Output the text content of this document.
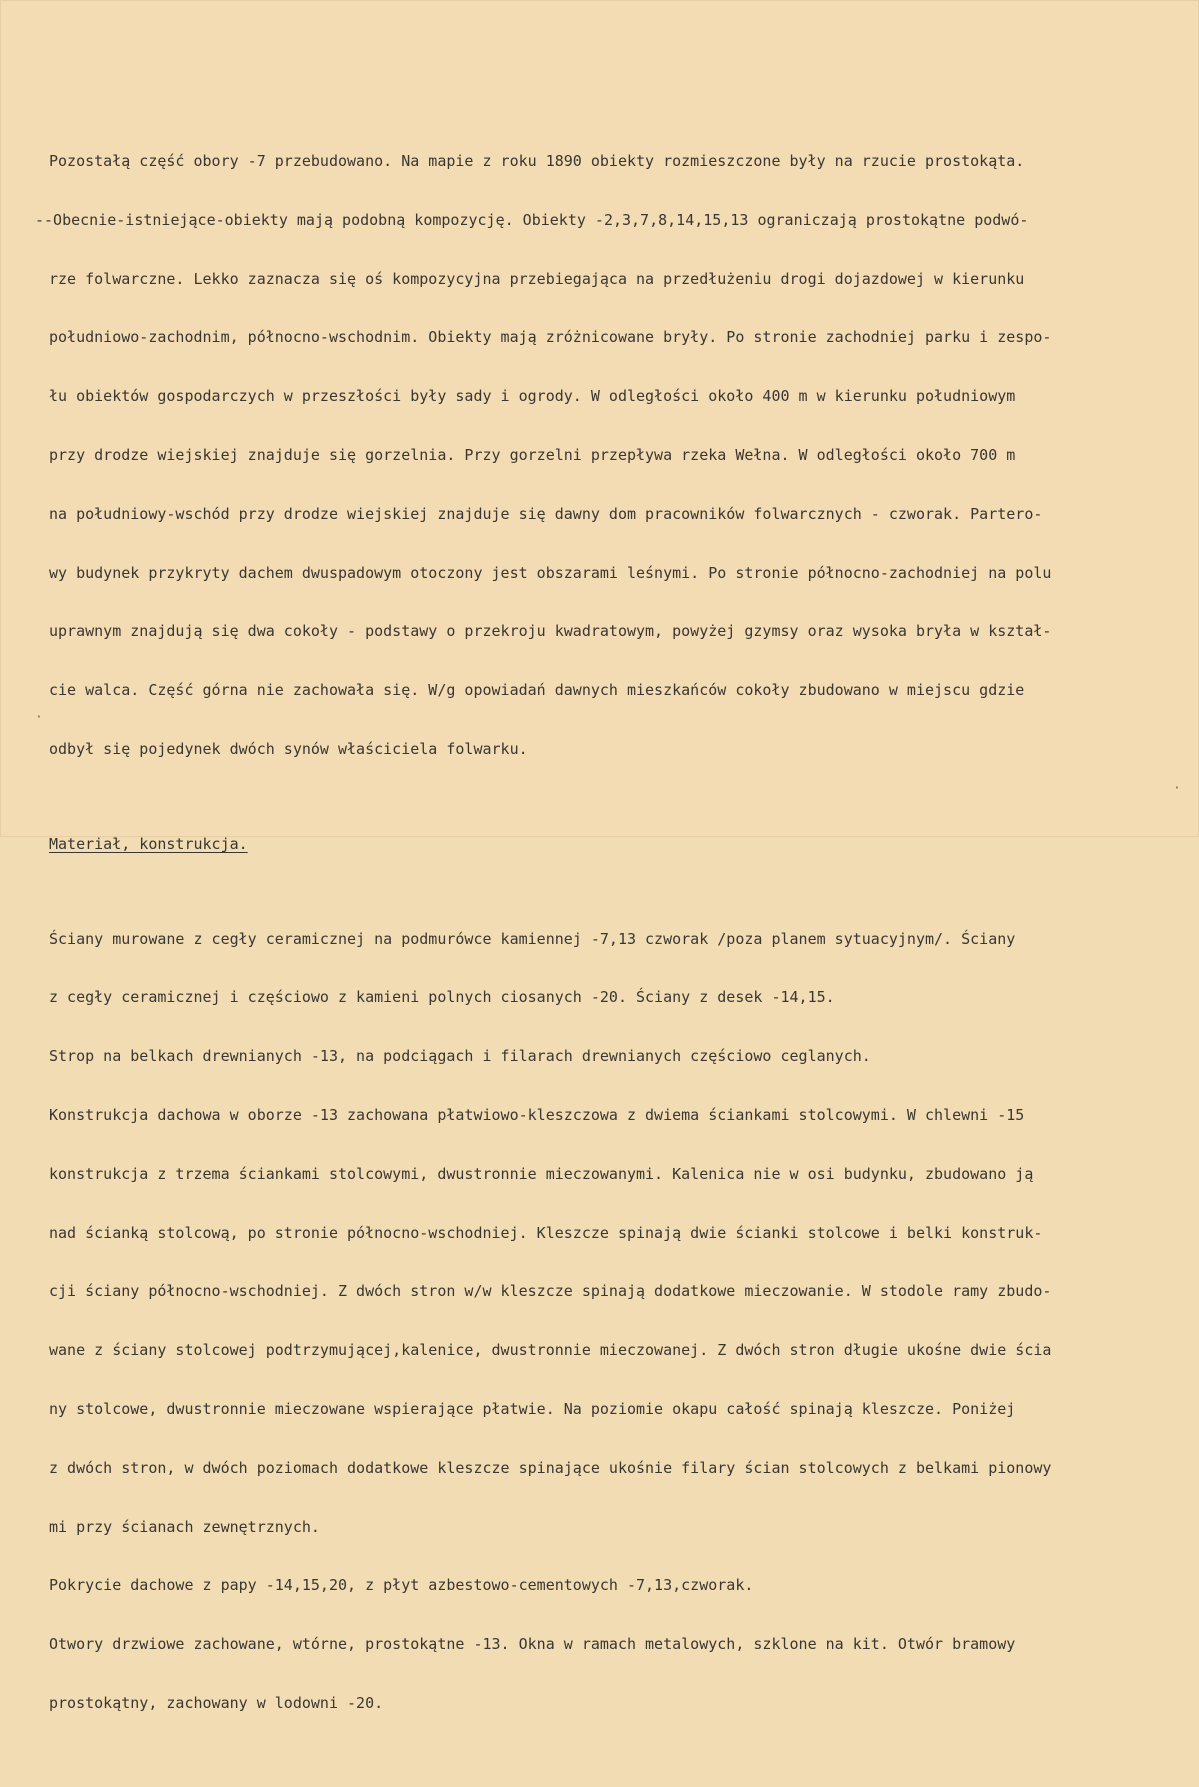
Pozostałą część obory -7 przebudowano. Na mapie z roku 1890 obiekty rozmieszczone były na rzucie prostokąta.

--Obecnie-istniejące-obiekty mają podobną kompozycję. Obiekty -2,3,7,8,14,15,13 ograniczają prostokątne podwó-

rze folwarczne. Lekko zaznacza się oś kompozycyjna przebiegająca na przedłużeniu drogi dojazdowej w kierunku

południowo-zachodnim, północno-wschodnim. Obiekty mają zróżnicowane bryły. Po stronie zachodniej parku i zespo-

łu obiektów gospodarczych w przeszłości były sady i ogrody. W odległości około 400 m w kierunku południowym

przy drodze wiejskiej znajduje się gorzelnia. Przy gorzelni przepływa rzeka Wełna. W odległości około 700 m

na południowy-wschód przy drodze wiejskiej znajduje się dawny dom pracowników folwarcznych - czworak. Partero-

wy budynek przykryty dachem dwuspadowym otoczony jest obszarami leśnymi. Po stronie północno-zachodniej na polu

uprawnym znajdują się dwa cokoły - podstawy o przekroju kwadratowym, powyżej gzymsy oraz wysoka bryła w kształ-

cie walca. Część górna nie zachowała się. W/g opowiadań dawnych mieszkańców cokoły zbudowano w miejscu gdzie

odbył się pojedynek dwóch synów właściciela folwarku.

Materiał, konstrukcja.

Ściany murowane z cegły ceramicznej na podmurówce kamiennej -7,13 czworak /poza planem sytuacyjnym/. Ściany

z cegły ceramicznej i częściowo z kamieni polnych ciosanych -20. Ściany z desek -14,15.

Strop na belkach drewnianych -13, na podciągach i filarach drewnianych częściowo ceglanych.

Konstrukcja dachowa w oborze -13 zachowana płatwiowo-kleszczowa z dwiema ściankami stolcowymi. W chlewni -15

konstrukcja z trzema ściankami stolcowymi, dwustronnie mieczowanymi. Kalenica nie w osi budynku, zbudowano ją

nad ścianką stolcową, po stronie północno-wschodniej. Kleszcze spinają dwie ścianki stolcowe i belki konstruk-

cji ściany północno-wschodniej. Z dwóch stron w/w kleszcze spinają dodatkowe mieczowanie. W stodole ramy zbudo-

wane z ściany stolcowej podtrzymującej,kalenice, dwustronnie mieczowanej. Z dwóch stron długie ukośne dwie ścia

ny stolcowe, dwustronnie mieczowane wspierające płatwie. Na poziomie okapu całość spinają kleszcze. Poniżej

z dwóch stron, w dwóch poziomach dodatkowe kleszcze spinające ukośnie filary ścian stolcowych z belkami pionowy

mi przy ścianach zewnętrznych.

Pokrycie dachowe z papy -14,15,20, z płyt azbestowo-cementowych -7,13,czworak.

Otwory drzwiowe zachowane, wtórne, prostokątne -13. Okna w ramach metalowych, szklone na kit. Otwór bramowy

prostokątny, zachowany w lodowni -20.

·
·
